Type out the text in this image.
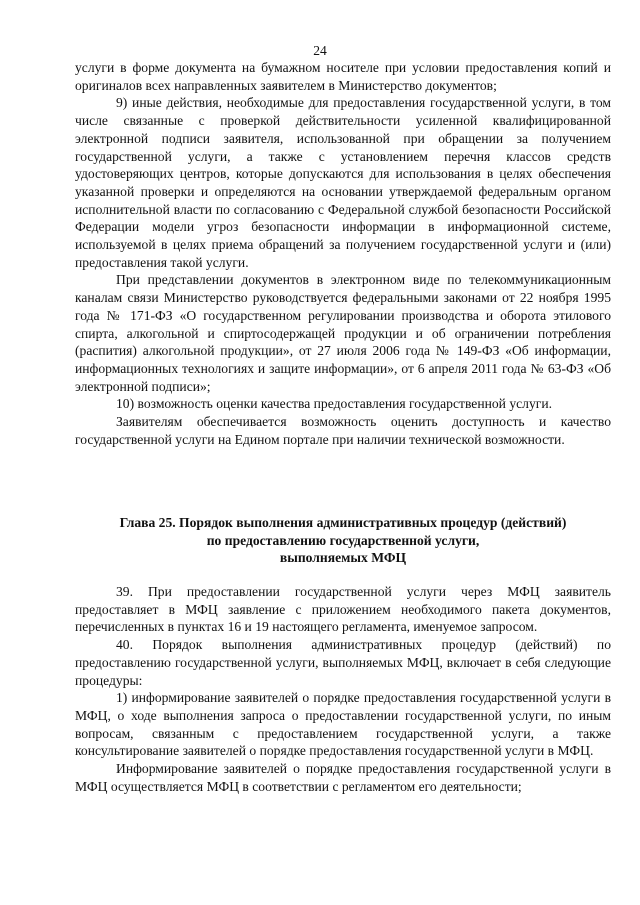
24

услуги в форме документа на бумажном носителе при условии предоставления копий и оригиналов всех направленных заявителем в Министерство документов;

9) иные действия, необходимые для предоставления государственной услуги, в том числе связанные с проверкой действительности усиленной квалифицированной электронной подписи заявителя, использованной при обращении за получением государственной услуги, а также с установлением перечня классов средств удостоверяющих центров, которые допускаются для использования в целях обеспечения указанной проверки и определяются на основании утверждаемой федеральным органом исполнительной власти по согласованию с Федеральной службой безопасности Российской Федерации модели угроз безопасности информации в информационной системе, используемой в целях приема обращений за получением государственной услуги и (или) предоставления такой услуги.

При представлении документов в электронном виде по телекоммуникационным каналам связи Министерство руководствуется федеральными законами от 22 ноября 1995 года № 171-ФЗ «О государственном регулировании производства и оборота этилового спирта, алкогольной и спиртосодержащей продукции и об ограничении потребления (распития) алкогольной продукции», от 27 июля 2006 года № 149-ФЗ «Об информации, информационных технологиях и защите информации», от 6 апреля 2011 года № 63-ФЗ «Об электронной подписи»;

10) возможность оценки качества предоставления государственной услуги.

Заявителям обеспечивается возможность оценить доступность и качество государственной услуги на Едином портале при наличии технической возможности.

Глава 25. Порядок выполнения административных процедур (действий)
по предоставлению государственной услуги,
выполняемых МФЦ

39. При предоставлении государственной услуги через МФЦ заявитель предоставляет в МФЦ заявление с приложением необходимого пакета документов, перечисленных в пунктах 16 и 19 настоящего регламента, именуемое запросом.

40. Порядок выполнения административных процедур (действий) по предоставлению государственной услуги, выполняемых МФЦ, включает в себя следующие процедуры:

1) информирование заявителей о порядке предоставления государственной услуги в МФЦ, о ходе выполнения запроса о предоставлении государственной услуги, по иным вопросам, связанным с предоставлением государственной услуги, а также консультирование заявителей о порядке предоставления государственной услуги в МФЦ.

Информирование заявителей о порядке предоставления государственной услуги в МФЦ осуществляется МФЦ в соответствии с регламентом его деятельности;
